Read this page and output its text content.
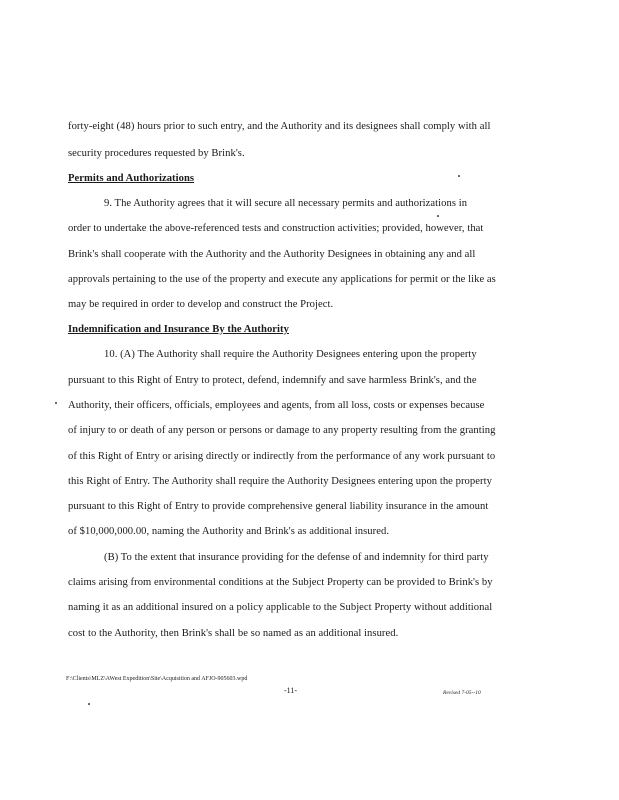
forty-eight (48) hours prior to such entry, and the Authority and its designees shall comply with all
security procedures requested by Brink's.
Permits and Authorizations
9. The Authority agrees that it will secure all necessary permits and authorizations in
order to undertake the above-referenced tests and construction activities; provided, however, that
Brink's shall cooperate with the Authority and the Authority Designees in obtaining any and all
approvals pertaining to the use of the property and execute any applications for permit or the like as
may be required in order to develop and construct the Project.
Indemnification and Insurance By the Authority
10. (A) The Authority shall require the Authority Designees entering upon the property
pursuant to this Right of Entry to protect, defend, indemnify and save harmless Brink's, and the
Authority, their officers, officials, employees and agents, from all loss, costs or expenses because
of injury to or death of any person or persons or damage to any property resulting from the granting
of this Right of Entry or arising directly or indirectly from the performance of any work pursuant to
this Right of Entry. The Authority shall require the Authority Designees entering upon the property
pursuant to this Right of Entry to provide comprehensive general liability insurance in the amount
of $10,000,000.00, naming the Authority and Brink's as additional insured.
(B) To the extent that insurance providing for the defense of and indemnity for third party
claims arising from environmental conditions at the Subject Property can be provided to Brink's by
naming it as an additional insured on a policy applicable to the Subject Property without additional
cost to the Authority, then Brink's shall be so named as an additional insured.
F:\Clients\MLZ\AWest Expedition\Site\Acquisition and AFJO-905603.wpd
-11-	Revised 7-05--10
